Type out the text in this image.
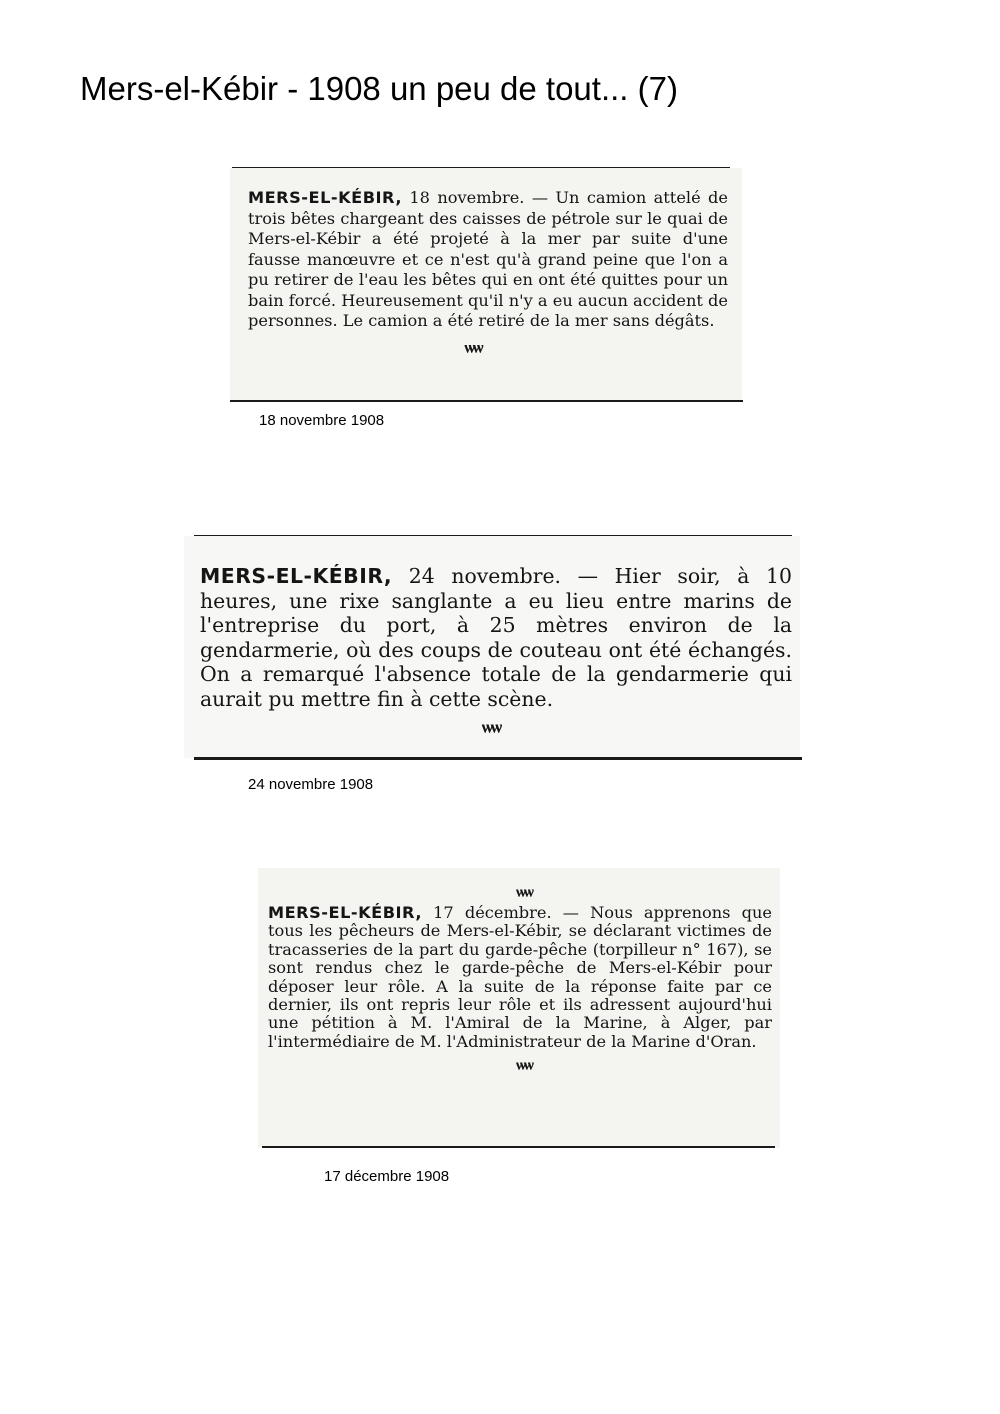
Mers-el-Kébir - 1908 un peu de tout... (7)

MERS-EL-KÉBIR, 18 novembre. — Un camion attelé de trois bêtes chargeant des caisses de pétrole sur le quai de Mers-el-Kébir a été projeté à la mer par suite d'une fausse manœuvre et ce n'est qu'à grand peine que l'on a pu retirer de l'eau les bêtes qui en ont été quittes pour un bain forcé. Heureusement qu'il n'y a eu aucun accident de personnes. Le camion a été retiré de la mer sans dégâts.

ѡѡ
18 novembre 1908

MERS-EL-KÉBIR, 24 novembre. — Hier soir, à 10 heures, une rixe sanglante a eu lieu entre marins de l'entreprise du port, à 25 mètres environ de la gendarmerie, où des coups de couteau ont été échangés. On a remarqué l'absence totale de la gendarmerie qui aurait pu mettre fin à cette scène.

ѡѡ
24 novembre 1908
ѡѡ

MERS-EL-KÉBIR, 17 décembre. — Nous apprenons que tous les pêcheurs de Mers-el-Kébir, se déclarant victimes de tracasseries de la part du garde-pêche (torpilleur n° 167), se sont rendus chez le garde-pêche de Mers-el-Kébir pour déposer leur rôle. A la suite de la réponse faite par ce dernier, ils ont repris leur rôle et ils adressent aujourd'hui une pétition à M. l'Amiral de la Marine, à Alger, par l'intermédiaire de M. l'Administrateur de la Marine d'Oran.

ѡѡ
17 décembre 1908
